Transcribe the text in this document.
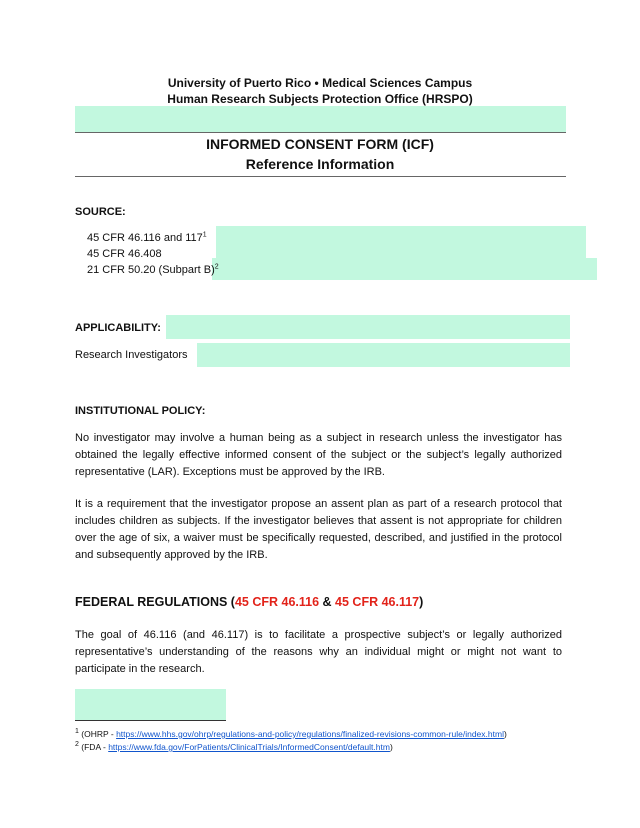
University of Puerto Rico • Medical Sciences Campus
Human Research Subjects Protection Office (HRSPO)
INFORMED CONSENT FORM (ICF)
Reference Information
SOURCE:
45 CFR 46.116 and $117^1$
45 CFR 46.408
21 CFR 50.20 (Subpart B)$^2$
APPLICABILITY:
Research Investigators
INSTITUTIONAL POLICY:
No investigator may involve a human being as a subject in research unless the investigator has obtained the legally effective informed consent of the subject or the subject’s legally authorized representative (LAR). Exceptions must be approved by the IRB.
It is a requirement that the investigator propose an assent plan as part of a research protocol that includes children as subjects. If the investigator believes that assent is not appropriate for children over the age of six, a waiver must be specifically requested, described, and justified in the protocol and subsequently approved by the IRB.
FEDERAL REGULATIONS (45 CFR 46.116 & 45 CFR 46.117)
The goal of 46.116 (and 46.117) is to facilitate a prospective subject’s or legally authorized representative’s understanding of the reasons why an individual might or might not want to participate in the research.
$^1$ (OHRP - https://www.hhs.gov/ohrp/regulations-and-policy/regulations/finalized-revisions-common-rule/index.html)
$^2$ (FDA - https://www.fda.gov/ForPatients/ClinicalTrials/InformedConsent/default.htm)
